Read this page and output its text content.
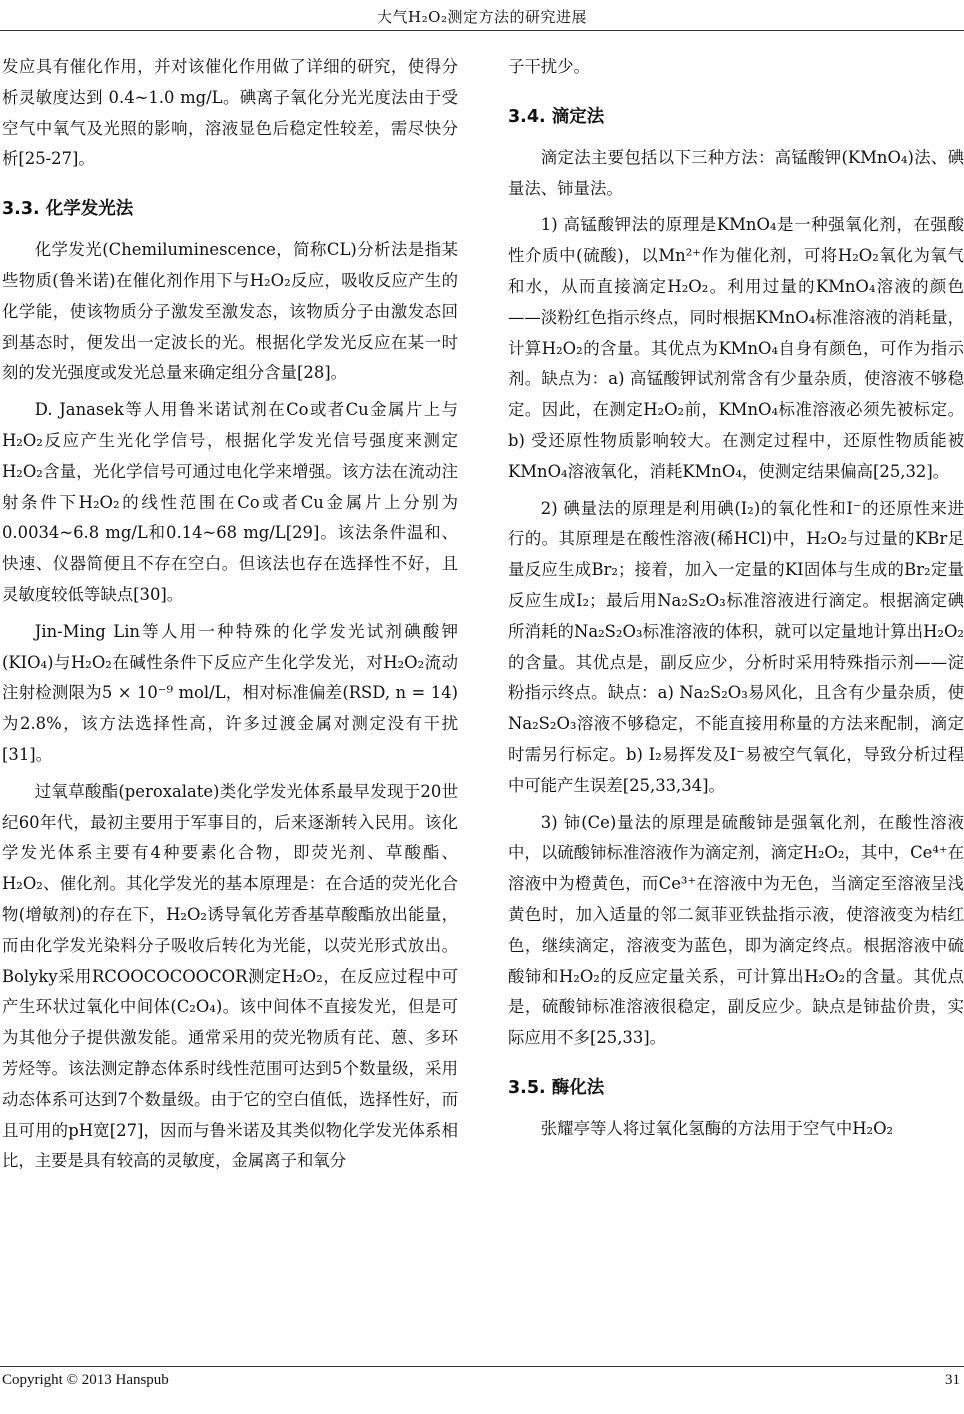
大气H₂O₂测定方法的研究进展

发应具有催化作用，并对该催化作用做了详细的研究，使得分析灵敏度达到 0.4~1.0 mg/L。碘离子氧化分光光度法由于受空气中氧气及光照的影响，溶液显色后稳定性较差，需尽快分析[25-27]。

3.3. 化学发光法

化学发光(Chemiluminescence，简称CL)分析法是指某些物质(鲁米诺)在催化剂作用下与H₂O₂反应，吸收反应产生的化学能，使该物质分子激发至激发态，该物质分子由激发态回到基态时，便发出一定波长的光。根据化学发光反应在某一时刻的发光强度或发光总量来确定组分含量[28]。

D. Janasek等人用鲁米诺试剂在Co或者Cu金属片上与H₂O₂反应产生光化学信号，根据化学发光信号强度来测定H₂O₂含量，光化学信号可通过电化学来增强。该方法在流动注射条件下H₂O₂的线性范围在Co或者Cu金属片上分别为0.0034~6.8 mg/L和0.14~68 mg/L[29]。该法条件温和、快速、仪器简便且不存在空白。但该法也存在选择性不好，且灵敏度较低等缺点[30]。

Jin-Ming Lin等人用一种特殊的化学发光试剂碘酸钾(KIO₄)与H₂O₂在碱性条件下反应产生化学发光，对H₂O₂流动注射检测限为5 × 10⁻⁹ mol/L，相对标准偏差(RSD, n = 14)为2.8%，该方法选择性高，许多过渡金属对测定没有干扰[31]。

过氧草酸酯(peroxalate)类化学发光体系最早发现于20世纪60年代，最初主要用于军事目的，后来逐渐转入民用。该化学发光体系主要有4种要素化合物，即荧光剂、草酸酯、H₂O₂、催化剂。其化学发光的基本原理是：在合适的荧光化合物(增敏剂)的存在下，H₂O₂诱导氧化芳香基草酸酯放出能量，而由化学发光染料分子吸收后转化为光能，以荧光形式放出。Bolyky采用RCOOCOCOOCOR测定H₂O₂，在反应过程中可产生环状过氧化中间体(C₂O₄)。该中间体不直接发光，但是可为其他分子提供激发能。通常采用的荧光物质有芘、蒽、多环芳烃等。该法测定静态体系时线性范围可达到5个数量级，采用动态体系可达到7个数量级。由于它的空白值低，选择性好，而且可用的pH宽[27]，因而与鲁米诺及其类似物化学发光体系相比，主要是具有较高的灵敏度，金属离子和氧分

子干扰少。

3.4. 滴定法

滴定法主要包括以下三种方法：高锰酸钾(KMnO₄)法、碘量法、铈量法。

1) 高锰酸钾法的原理是KMnO₄是一种强氧化剂，在强酸性介质中(硫酸)，以Mn²⁺作为催化剂，可将H₂O₂氧化为氧气和水，从而直接滴定H₂O₂。利用过量的KMnO₄溶液的颜色——淡粉红色指示终点，同时根据KMnO₄标准溶液的消耗量，计算H₂O₂的含量。其优点为KMnO₄自身有颜色，可作为指示剂。缺点为：a) 高锰酸钾试剂常含有少量杂质，使溶液不够稳定。因此，在测定H₂O₂前，KMnO₄标准溶液必须先被标定。b) 受还原性物质影响较大。在测定过程中，还原性物质能被KMnO₄溶液氧化，消耗KMnO₄，使测定结果偏高[25,32]。

2) 碘量法的原理是利用碘(I₂)的氧化性和I⁻的还原性来进行的。其原理是在酸性溶液(稀HCl)中，H₂O₂与过量的KBr足量反应生成Br₂；接着，加入一定量的KI固体与生成的Br₂定量反应生成I₂；最后用Na₂S₂O₃标准溶液进行滴定。根据滴定碘所消耗的Na₂S₂O₃标准溶液的体积，就可以定量地计算出H₂O₂的含量。其优点是，副反应少，分析时采用特殊指示剂——淀粉指示终点。缺点：a) Na₂S₂O₃易风化，且含有少量杂质，使Na₂S₂O₃溶液不够稳定，不能直接用称量的方法来配制，滴定时需另行标定。b) I₂易挥发及I⁻易被空气氧化，导致分析过程中可能产生误差[25,33,34]。

3) 铈(Ce)量法的原理是硫酸铈是强氧化剂，在酸性溶液中，以硫酸铈标准溶液作为滴定剂，滴定H₂O₂，其中，Ce⁴⁺在溶液中为橙黄色，而Ce³⁺在溶液中为无色，当滴定至溶液呈浅黄色时，加入适量的邻二氮菲亚铁盐指示液，使溶液变为桔红色，继续滴定，溶液变为蓝色，即为滴定终点。根据溶液中硫酸铈和H₂O₂的反应定量关系，可计算出H₂O₂的含量。其优点是，硫酸铈标准溶液很稳定，副反应少。缺点是铈盐价贵，实际应用不多[25,33]。

3.5. 酶化法

张耀亭等人将过氧化氢酶的方法用于空气中H₂O₂

Copyright © 2013 Hanspub	31
